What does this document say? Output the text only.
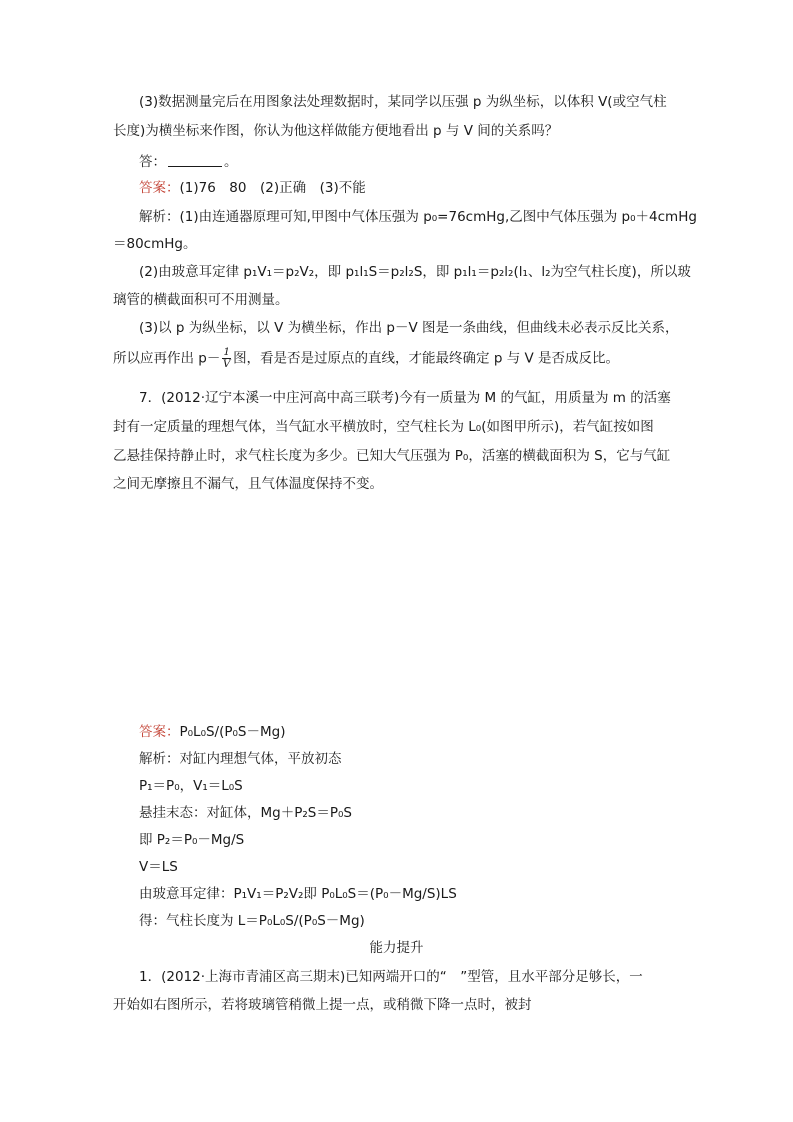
(3)数据测量完后在用图象法处理数据时，某同学以压强 p 为纵坐标，以体积 V(或空气柱
长度)为横坐标来作图，你认为他这样做能方便地看出 p 与 V 间的关系吗？
答：	。
答案：(1)76　80　(2)正确　(3)不能
解析：(1)由连通器原理可知,甲图中气体压强为 p₀=76cmHg,乙图中气体压强为 p₀＋4cmHg
＝80cmHg。
(2)由玻意耳定律 p₁V₁＝p₂V₂，即 p₁l₁S＝p₂l₂S，即 p₁l₁＝p₂l₂(l₁、l₂为空气柱长度)，所以玻
璃管的横截面积可不用测量。
(3)以 p 为纵坐标，以 V 为横坐标，作出 p－V 图是一条曲线，但曲线未必表示反比关系，
所以应再作出 $p- \frac{1}{V}$ 图，看是否是过原点的直线，才能最终确定 p 与 V 是否成反比。
7．(2012·辽宁本溪一中庄河高中高三联考)今有一质量为 M 的气缸，用质量为 m 的活塞
封有一定质量的理想气体，当气缸水平横放时，空气柱长为 L₀(如图甲所示)，若气缸按如图
乙悬挂保持静止时，求气柱长度为多少。已知大气压强为 P₀，活塞的横截面积为 S，它与气缸
之间无摩擦且不漏气，且气体温度保持不变。
答案：P₀L₀S/(P₀S－Mg)
解析：对缸内理想气体，平放初态
P₁＝P₀，V₁＝L₀S
悬挂末态：对缸体，Mg＋P₂S＝P₀S
即 P₂＝P₀－Mg/S
V＝LS
由玻意耳定律：P₁V₁＝P₂V₂即 P₀L₀S＝(P₀－Mg/S)LS
得：气柱长度为 L＝P₀L₀S/(P₀S－Mg)
能力提升
1．(2012·上海市青浦区高三期末)已知两端开口的“　”型管，且水平部分足够长，一
开始如右图所示，若将玻璃管稍微上提一点，或稍微下降一点时，被封
